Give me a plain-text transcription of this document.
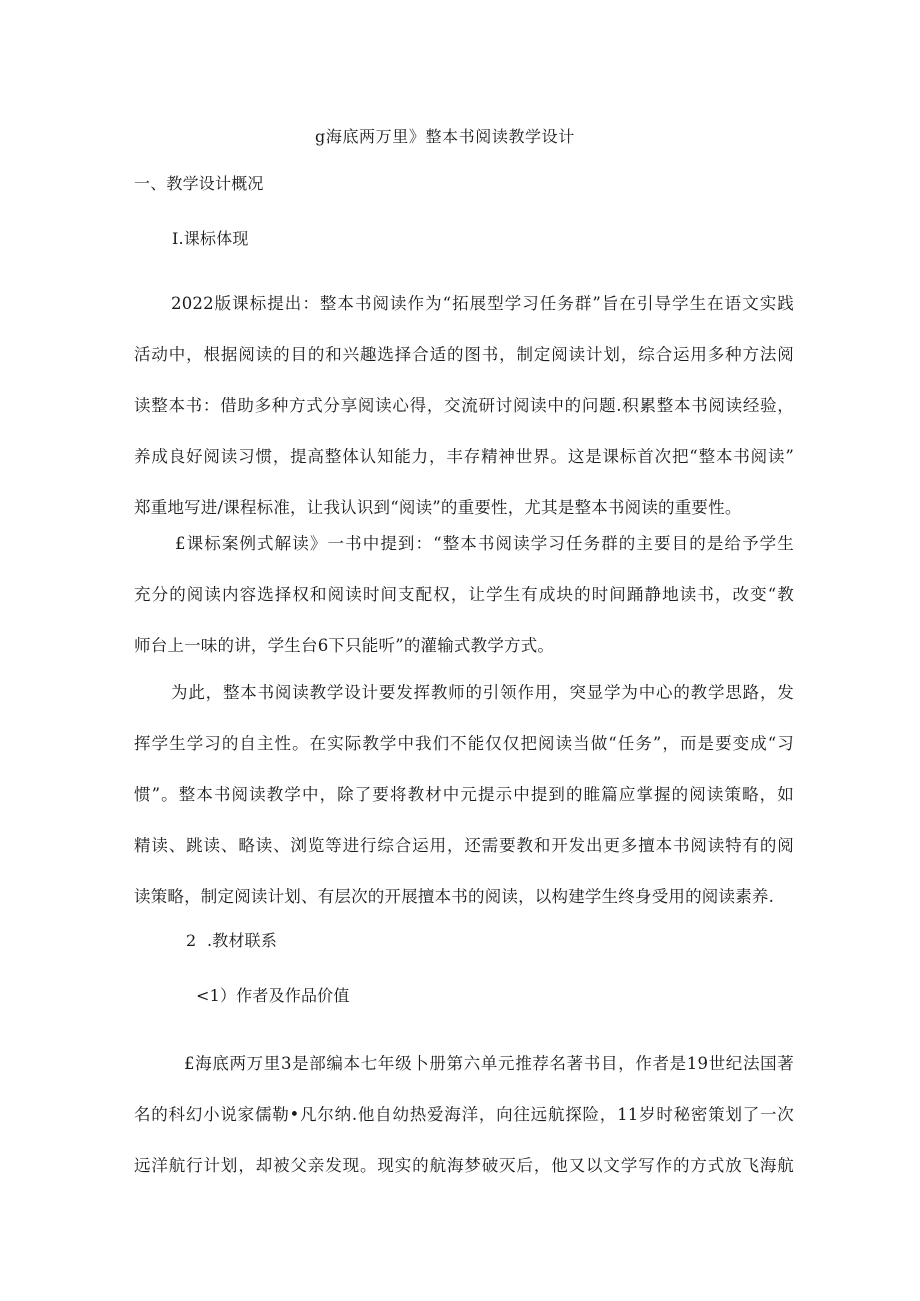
g海底两万里》整本书阅读教学设计
一、教学设计概况
I.课标体现
2022版课标提出：整本书阅读作为“拓展型学习任务群”旨在引导学生在语文实践
活动中，根据阅读的目的和兴趣选择合适的图书，制定阅读计划，综合运用多种方法阅
读整本书：借助多种方式分享阅读心得，交流研讨阅读中的问题.积累整本书阅读经验，
养成良好阅读习惯，提高整体认知能力，丰存精神世界。这是课标首次把“整本书阅读”
郑重地写进/课程标准，让我认识到“阅读”的重要性，尤其是整本书阅读的重要性。
£课标案例式解读》一书中提到：“整本书阅读学习任务群的主要目的是给予学生
充分的阅读内容选择权和阅读时间支配权，让学生有成块的时间踊静地读书，改变“教
师台上一味的讲，学生台6下只能听”的灌输式教学方式。
为此，整本书阅读教学设计要发挥教师的引领作用，突显学为中心的教学思路，发
挥学生学习的自主性。在实际教学中我们不能仅仅把阅读当做“任务”，而是要变成“习
惯”。整本书阅读教学中，除了要将教材中元提示中提到的睢篇应掌握的阅读策略，如
精读、跳读、略读、浏览等进行综合运用，还需要教和开发出更多擅本书阅读特有的阅
读策略，制定阅读计划、有层次的开展擅本书的阅读，以构建学生终身受用的阅读素养.
2  .教材联系
<1）作者及作品价值
£海底两万里3是部编本七年级卜册第六单元推荐名著书目，作者是19世纪法国著
名的科幻小说家儒勒•凡尔纳.他自幼热爱海洋，向往远航探险，11岁时秘密策划了一次
远洋航行计划，却被父亲发现。现实的航海梦破灭后，他又以文学写作的方式放飞海航
